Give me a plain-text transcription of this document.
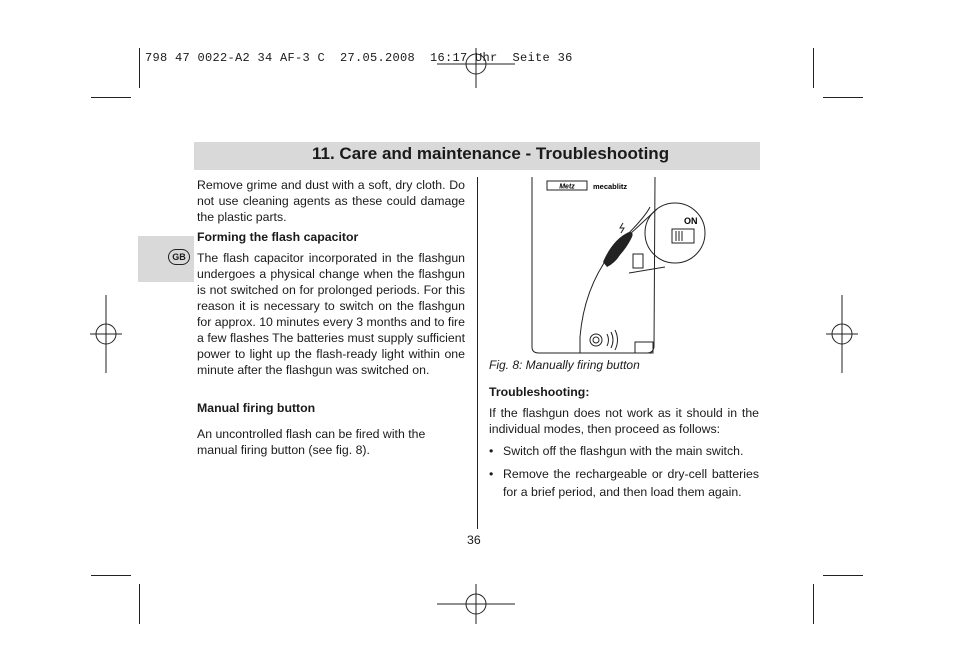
798 47 0022-A2 34 AF-3 C  27.05.2008  16:17 Uhr  Seite 36
11. Care and maintenance - Troubleshooting
GB

Remove grime and dust with a soft, dry cloth. Do not use cleaning agents as these could damage the plastic parts.

Forming the flash capacitor

The flash capacitor incorporated in the flashgun undergoes a physical change when the flashgun is not switched on for prolonged periods. For this reason it is necessary to switch on the flashgun for approx. 10 minutes every 3 months and to fire a few flashes The batteries must supply sufficient power to light up the flash-ready light within one minute after the flashgun was switched on.

Manual firing button

An uncontrolled flash can be fired with the manual firing button (see fig. 8).

Metz mecablitz
ON
Fig. 8: Manually firing button

Troubleshooting:

If the flashgun does not work as it should in the individual modes, then proceed as follows:

• Switch off the flashgun with the main switch.
• Remove the rechargeable or dry-cell batteries for a brief period, and then load them again.
36
